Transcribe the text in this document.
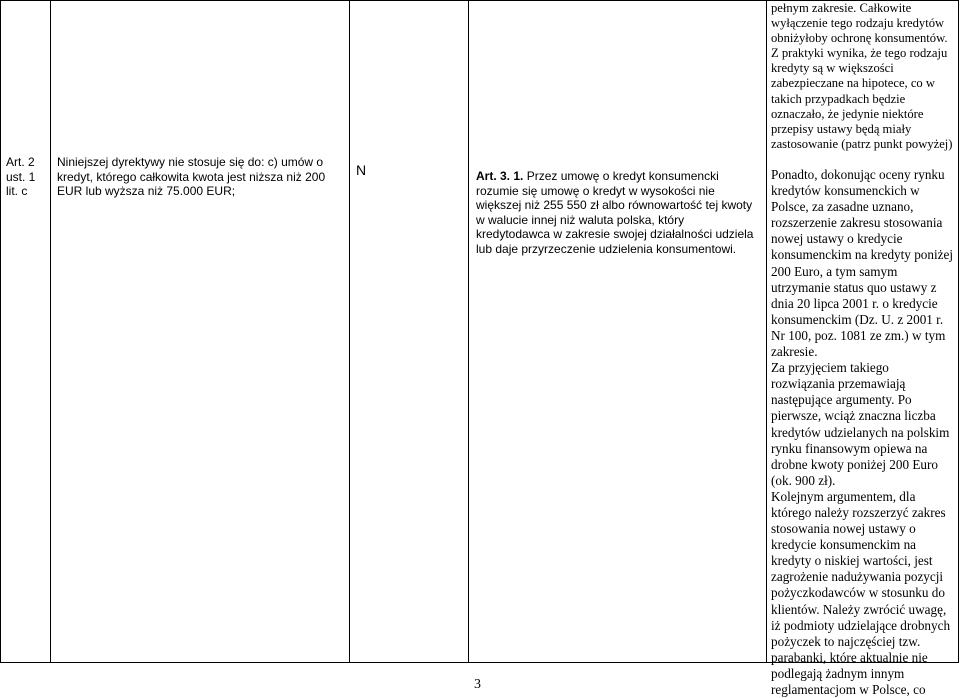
Art. 2 ust. 1 lit. c

Niniejszej dyrektywy nie stosuje się do: c) umów o kredyt, którego całkowita kwota jest niższa niż 200 EUR lub wyższa niż 75.000 EUR;

N	Art. 3. 1. Przez umowę o kredyt konsumencki rozumie się umowę o kredyt w wysokości nie większej niż 255 550 zł albo równowartość tej kwoty w walucie innej niż waluta polska, który kredytodawca w zakresie swojej działalności udziela lub daje przyrzeczenie udzielenia konsumentowi.

pełnym zakresie. Całkowite wyłączenie tego rodzaju kredytów obniżyłoby ochronę konsumentów. Z praktyki wynika, że tego rodzaju kredyty są w większości zabezpieczane na hipotece, co w takich przypadkach będzie oznaczało, że jedynie niektóre przepisy ustawy będą miały zastosowanie (patrz punkt powyżej)

Ponadto, dokonując oceny rynku kredytów konsumenckich w Polsce, za zasadne uznano, rozszerzenie zakresu stosowania nowej ustawy o kredycie konsumenckim na kredyty poniżej 200 Euro, a tym samym utrzymanie status quo ustawy z dnia 20 lipca 2001 r. o kredycie konsumenckim (Dz. U. z 2001 r. Nr 100, poz. 1081 ze zm.) w tym zakresie.

Za przyjęciem takiego rozwiązania przemawiają następujące argumenty. Po pierwsze, wciąż znaczna liczba kredytów udzielanych na polskim rynku finansowym opiewa na drobne kwoty poniżej 200 Euro (ok. 900 zł).

Kolejnym argumentem, dla którego należy rozszerzyć zakres stosowania nowej ustawy o kredycie konsumenckim na kredyty o niskiej wartości, jest zagrożenie nadużywania pozycji pożyczkodawców w stosunku do klientów. Należy zwrócić uwagę, iż podmioty udzielające drobnych pożyczek to najczęściej tzw. parabanki, które aktualnie nie podlegają żadnym innym reglamentacjom w Polsce, co

3
